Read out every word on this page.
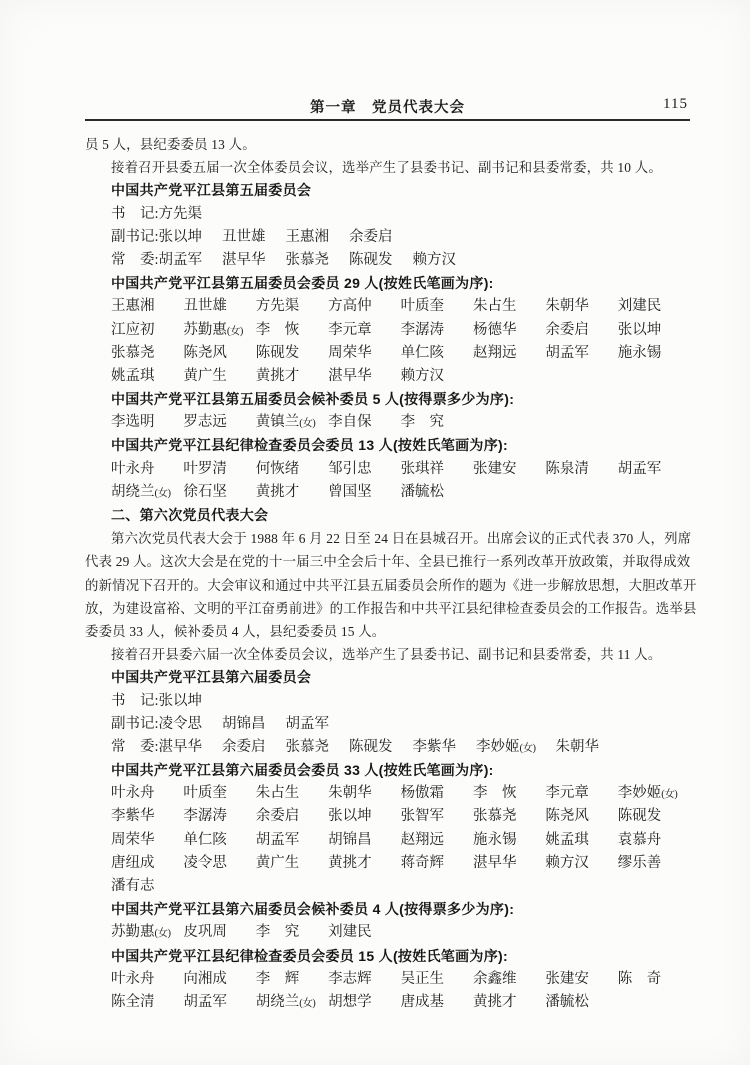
第一章　党员代表大会	115

员 5 人，县纪委委员 13 人。

接着召开县委五届一次全体委员会议，选举产生了县委书记、副书记和县委常委，共 10 人。

中国共产党平江县第五届委员会

书　记:方先渠

副书记:张以坤 丑世雄 王惠湘 余委启

常　委:胡孟军 湛早华 张慕尧 陈砚发 赖方汉

中国共产党平江县第五届委员会委员 29 人(按姓氏笔画为序):

王惠湘	丑世雄	方先渠	方高仲	叶质奎	朱占生	朱朝华	刘建民
江应初	苏勤惠(女) 李　恢	李元章	李潺涛	杨德华	余委启	张以坤
张慕尧	陈尧风	陈砚发	周荣华	单仁陔	赵翔远	胡孟军	施永锡
姚孟琪	黄广生	黄挑才	湛早华	赖方汉

中国共产党平江县第五届委员会候补委员 5 人(按得票多少为序):

李选明	罗志远	黄镇兰(女) 李自保	李　究

中国共产党平江县纪律检查委员会委员 13 人(按姓氏笔画为序):

叶永舟	叶罗清	何恢绪	邹引忠	张琪祥	张建安	陈泉清	胡孟军
胡绕兰(女) 徐石坚	黄挑才	曾国坚	潘毓松

二、第六次党员代表大会

第六次党员代表大会于 1988 年 6 月 22 日至 24 日在县城召开。出席会议的正式代表 370 人，列席

代表 29 人。这次大会是在党的十一届三中全会后十年、全县已推行一系列改革开放政策，并取得成效

的新情况下召开的。大会审议和通过中共平江县五届委员会所作的题为《进一步解放思想，大胆改革开

放，为建设富裕、文明的平江奋勇前进》的工作报告和中共平江县纪律检查委员会的工作报告。选举县

委委员 33 人，候补委员 4 人，县纪委委员 15 人。

接着召开县委六届一次全体委员会议，选举产生了县委书记、副书记和县委常委，共 11 人。

中国共产党平江县第六届委员会

书　记:张以坤

副书记:凌令思 胡锦昌 胡孟军

常　委:湛早华 余委启 张慕尧 陈砚发 李紫华 李妙姬(女) 朱朝华

中国共产党平江县第六届委员会委员 33 人(按姓氏笔画为序):

叶永舟	叶质奎	朱占生	朱朝华	杨傲霜	李　恢	李元章	李妙姬(女)
李紫华	李潺涛	余委启	张以坤	张智军	张慕尧	陈尧风	陈砚发
周荣华	单仁陔	胡孟军	胡锦昌	赵翔远	施永锡	姚孟琪	袁慕舟
唐纽成	凌令思	黄广生	黄挑才	蒋奇辉	湛早华	赖方汉	缪乐善
潘有志

中国共产党平江县第六届委员会候补委员 4 人(按得票多少为序):

苏勤惠(女) 皮巩周	李　究	刘建民

中国共产党平江县纪律检查委员会委员 15 人(按姓氏笔画为序):

叶永舟	向湘成	李　辉	李志辉	吴正生	余鑫维	张建安	陈　奇
陈全清	胡孟军	胡绕兰(女) 胡想学	唐成基	黄挑才	潘毓松
